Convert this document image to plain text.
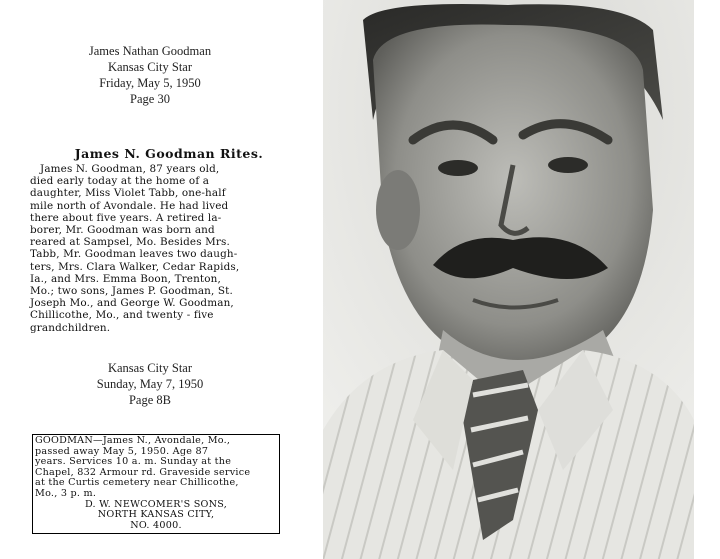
James Nathan Goodman
Kansas City Star
Friday, May 5, 1950
Page 30
James N. Goodman Rites.
James N. Goodman, 87 years old,
died early today at the home of a
daughter, Miss Violet Tabb, one-half
mile north of Avondale. He had lived
there about five years. A retired la-
borer, Mr. Goodman was born and
reared at Sampsel, Mo. Besides Mrs.
Tabb, Mr. Goodman leaves two daugh-
ters, Mrs. Clara Walker, Cedar Rapids,
Ia., and Mrs. Emma Boon, Trenton,
Mo.; two sons, James P. Goodman, St.
Joseph Mo., and George W. Goodman,
Chillicothe, Mo., and twenty - five
grandchildren.
Kansas City Star
Sunday, May 7, 1950
Page 8B
GOODMAN—James N., Avondale, Mo.,
passed away May 5, 1950. Age 87
years. Services 10 a. m. Sunday at the
Chapel, 832 Armour rd. Graveside service
at the Curtis cemetery near Chillicothe,
Mo., 3 p. m.
D. W. NEWCOMER'S SONS,
NORTH KANSAS CITY,
NO. 4000.
